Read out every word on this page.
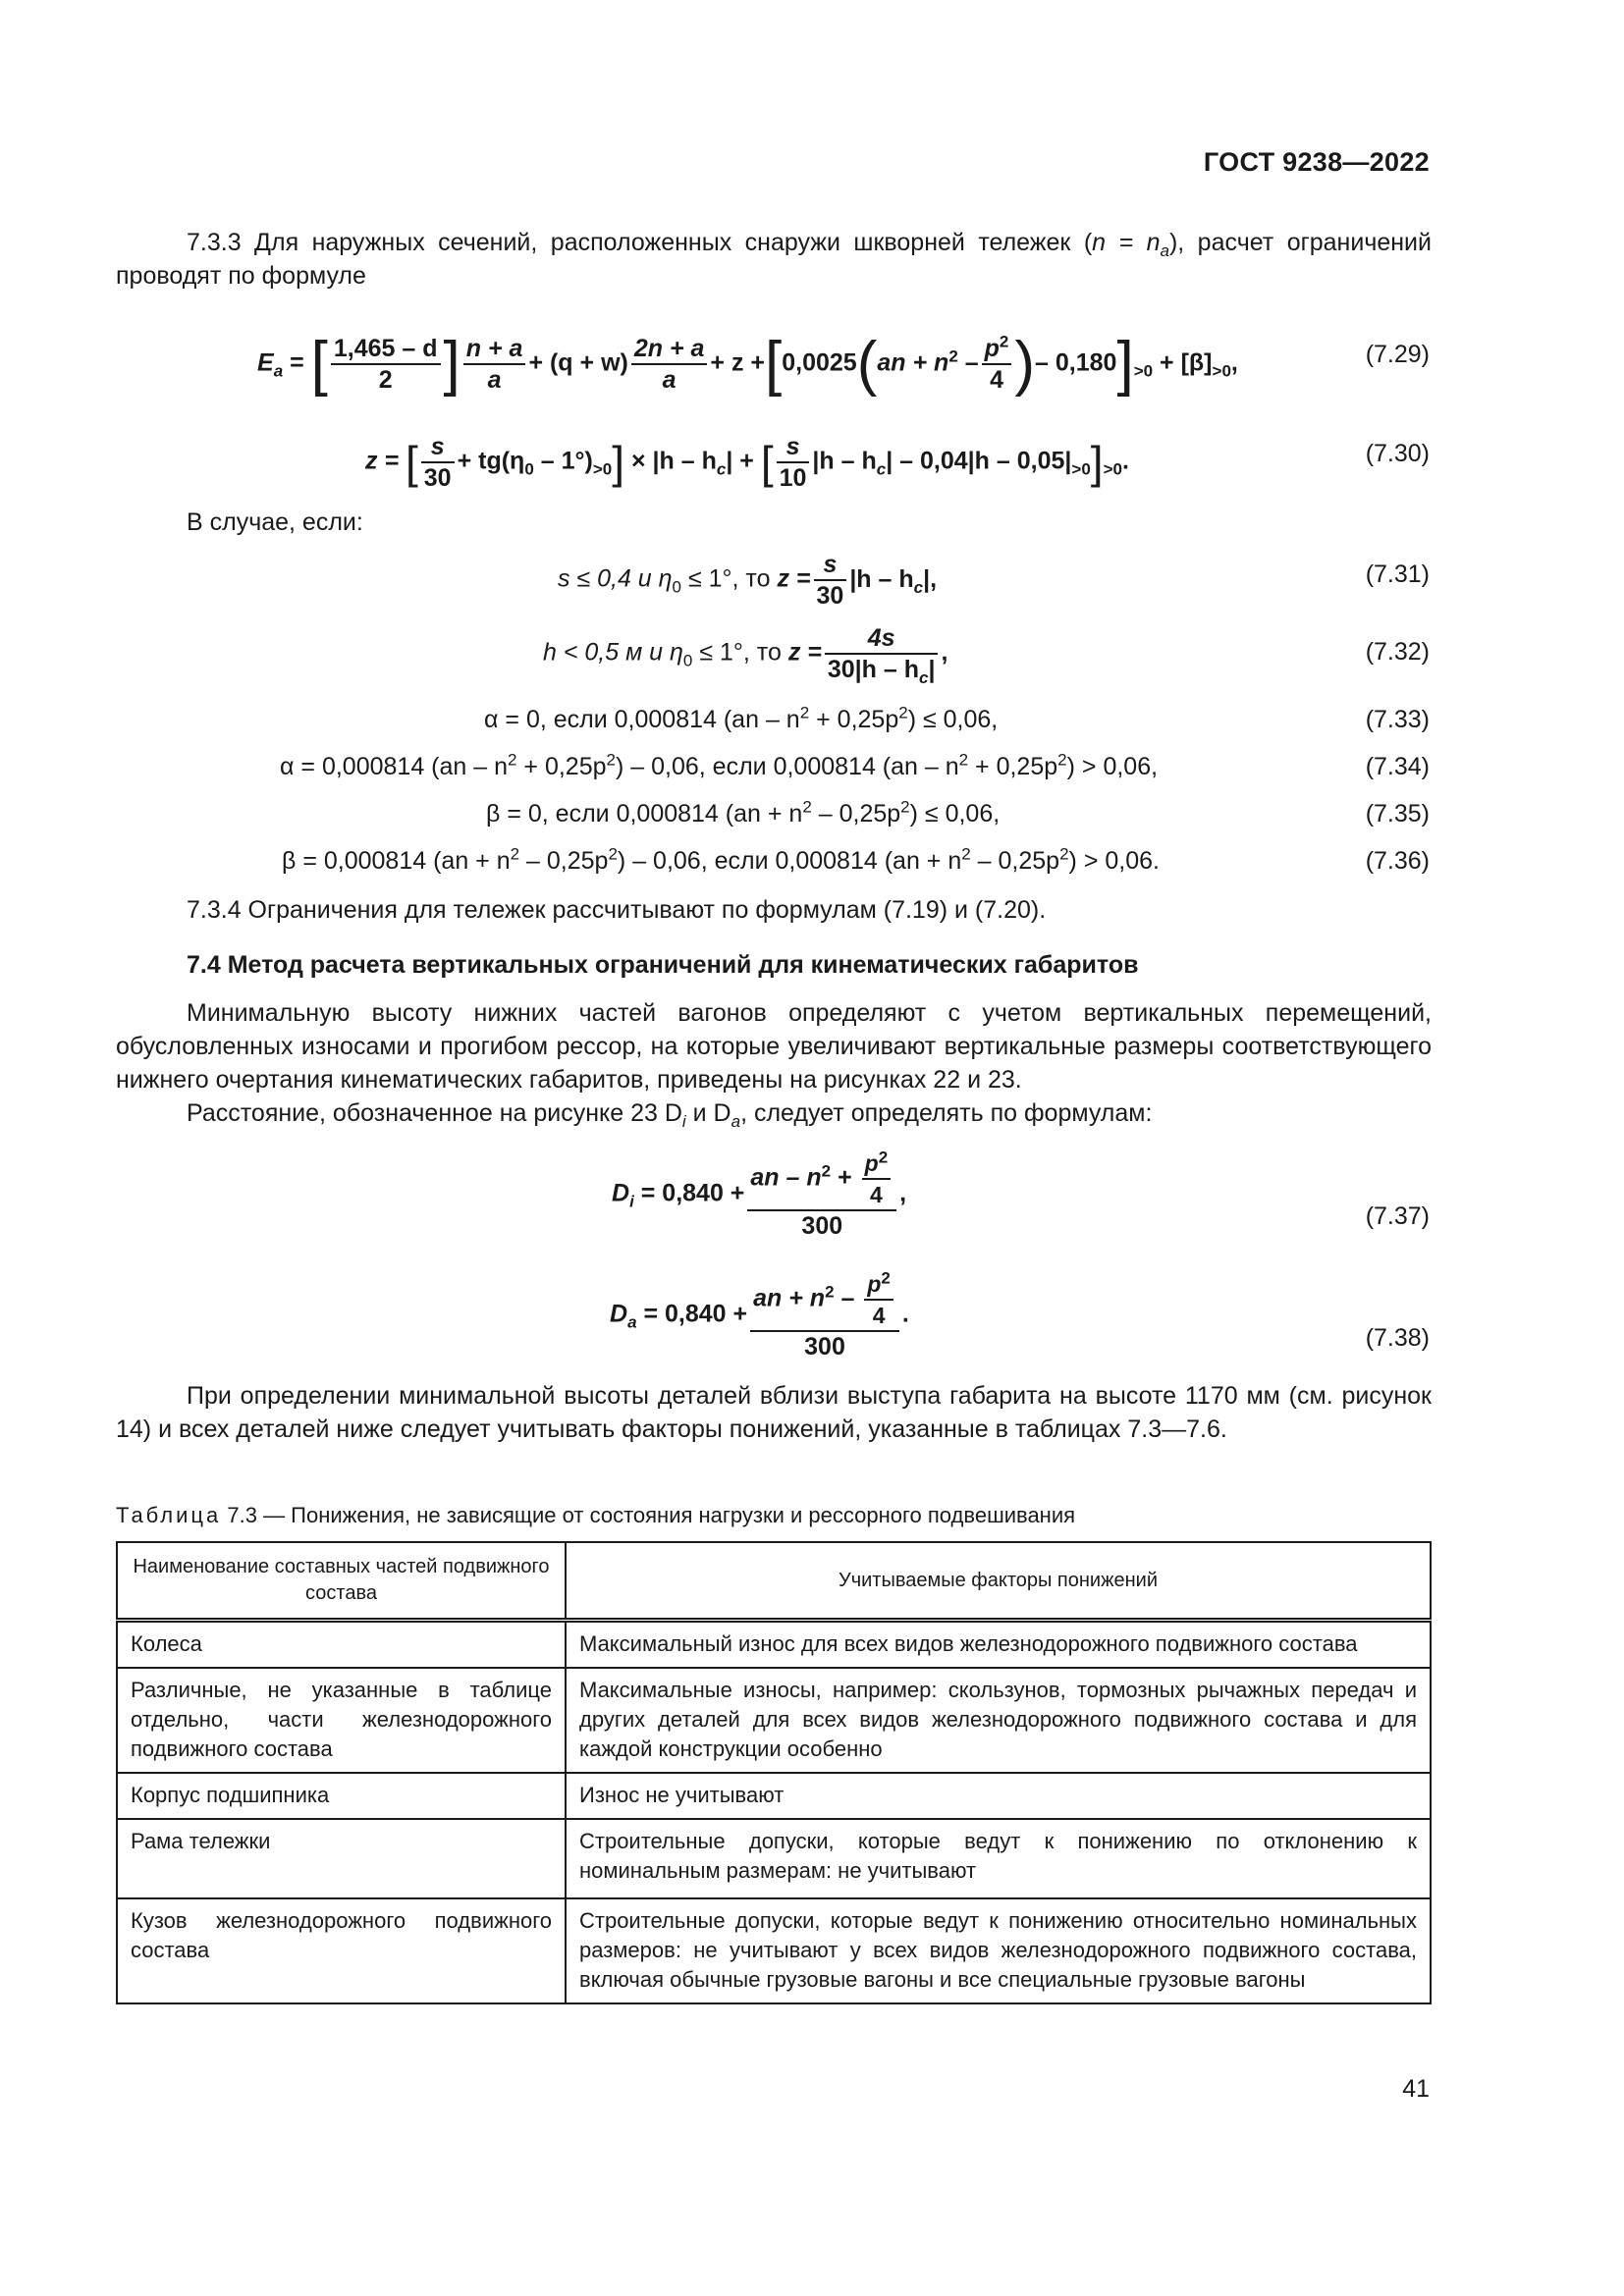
ГОСТ 9238—2022
7.3.3 Для наружных сечений, расположенных снаружи шкворней тележек $(n = n_a)$, расчет ограничений проводят по формуле
$E_a$ = [ $\frac{1,465 - d}{2}$ ] $\frac{n + a}{a} + (q + w) \frac{2n + a}{a} + z +[0,0025(an + n^2 - \frac{p^2}{4}$ )– $0,180]_{>0} + [\beta]_{>0}$,	(7.29)
z = [ $\frac{s}{30} + tg(\eta_0 - 1^\circ)_{>0}] \times |h - h_c|$ + [ $\frac{s}{10} |h - h_c| - 0,04|h - 0,05|_{>0}]_{>0}$.	(7.30)
В случае, если:
s ≤ 0,4 и $\eta_0 \le 1^\circ$, то $z = \frac{s}{30} |h - h_c|$,	(7.31)
h < 0,5 м и $\eta_0 \le 1^\circ$, то $z = \frac{4s}{30|h - h_c|}$ ,	(7.32)
α = 0, если 0,000814 $(an - n^2 + 0,25p^2) \le 0,06$,	(7.33)
α = 0,000814 $(an - n^2 + 0,25p^2) - 0,06$, если 0,000814 $(an - n^2 + 0,25p^2) > 0,06$,	(7.34)
β = 0, если 0,000814 $(an + n^2 - 0,25p^2) \le 0,06$,	(7.35)
β = 0,000814 $(an + n^2 - 0,25p^2) - 0,06$, если 0,000814 $(an + n^2 - 0,25p^2) > 0,06$.	(7.36)
7.3.4 Ограничения для тележек рассчитывают по формулам (7.19) и (7.20).
7.4 Метод расчета вертикальных ограничений для кинематических габаритов
Минимальную высоту нижних частей вагонов определяют с учетом вертикальных перемещений, обусловленных износами и прогибом рессор, на которые увеличивают вертикальные размеры соответствующего нижнего очертания кинематических габаритов, приведены на рисунках 22 и 23.
Расстояние, обозначенное на рисунке 23 $D_i$ и $D_a$, следует определять по формулам:
$D_i = 0,840 + \frac{an - n^2 + \frac{p^2}{4}}{300}$ ,
(7.37)
$D_a = 0,840 + \frac{an + n^2 - \frac{p^2}{4}}{300}$ .
(7.38)
При определении минимальной высоты деталей вблизи выступа габарита на высоте 1170 мм (см. рисунок 14) и всех деталей ниже следует учитывать факторы понижений, указанные в таблицах 7.3—7.6.
Таблица 7.3 — Понижения, не зависящие от состояния нагрузки и рессорного подвешивания
Наименование составных частей подвижного состава	Учитываемые факторы понижений
Колеса	Максимальный износ для всех видов железнодорожного подвижного состава
Различные, не указанные в таблице отдельно, части железнодорожного подвижного состава	Максимальные износы, например: скользунов, тормозных рычажных передач и других деталей для всех видов железнодорожного подвижного состава и для каждой конструкции особенно
Корпус подшипника	Износ не учитывают
Рама тележки	Строительные допуски, которые ведут к понижению по отклонению к номинальным размерам: не учитывают
Кузов железнодорожного подвижного состава	Строительные допуски, которые ведут к понижению относительно номинальных размеров: не учитывают у всех видов железнодорожного подвижного состава, включая обычные грузовые вагоны и все специальные грузовые вагоны
41
